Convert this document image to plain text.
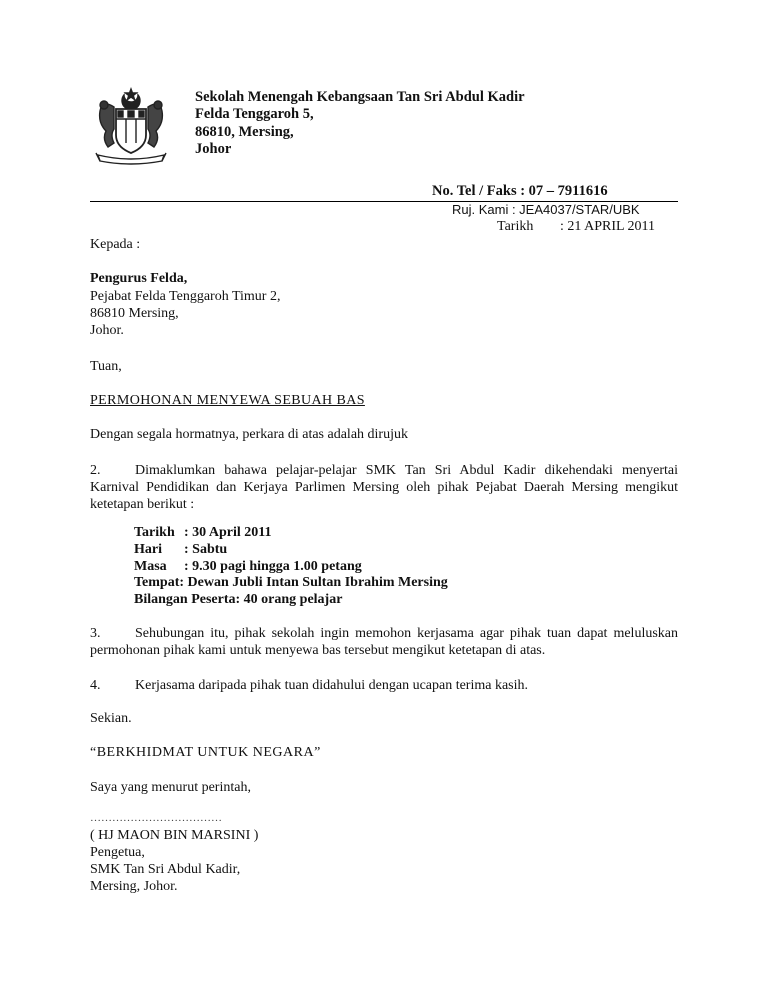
Sekolah Menengah Kebangsaan Tan Sri Abdul Kadir
Felda Tenggaroh 5,
86810, Mersing,
Johor
No. Tel / Faks : 07 – 7911616
Ruj. Kami : JEA4037/STAR/UBK
Tarikh : 21 APRIL 2011
Kepada :
Pengurus Felda,
Pejabat Felda Tenggaroh Timur 2,
86810 Mersing,
Johor.
Tuan,
PERMOHONAN MENYEWA SEBUAH BAS
Dengan segala hormatnya, perkara di atas adalah dirujuk
2.	Dimaklumkan bahawa pelajar-pelajar SMK Tan Sri Abdul Kadir dikehendaki menyertai Karnival Pendidikan dan Kerjaya Parlimen Mersing oleh pihak Pejabat Daerah Mersing mengikut ketetapan berikut :
Tarikh : 30 April 2011
Hari : Sabtu
Masa : 9.30 pagi hingga 1.00 petang
Tempat: Dewan Jubli Intan Sultan Ibrahim Mersing
Bilangan Peserta: 40 orang pelajar
3.	Sehubungan itu, pihak sekolah ingin memohon kerjasama agar pihak tuan dapat meluluskan permohonan pihak kami untuk menyewa bas tersebut mengikut ketetapan di atas.
4. Kerjasama daripada pihak tuan didahului dengan ucapan terima kasih.
Sekian.
“BERKHIDMAT UNTUK NEGARA”
Saya yang menurut perintah,
………………………………
( HJ MAON BIN MARSINI )
Pengetua,
SMK Tan Sri Abdul Kadir,
Mersing, Johor.
